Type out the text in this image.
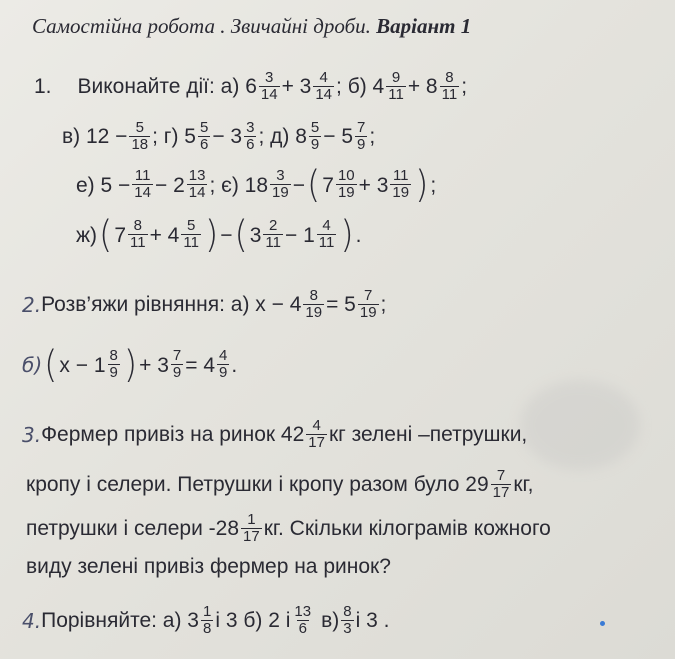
Самостійна робота . Звичайні дроби. Варіант 1
1. Виконайте дії: а) $6 \frac{3}{14} + 3 \frac{4}{14}$ ; б) $4 \frac{9}{11} + 8 \frac{8}{11}$ ;
в) $12 - \frac{5}{18}$ ; г) $5 \frac{5}{6} - 3 \frac{3}{6}$ ; д) $8 \frac{5}{9} - 5 \frac{7}{9}$ ;
е) $5 - \frac{11}{14} - 2 \frac{13}{14}$ ; є) $18 \frac{3}{19}$ − ( $7 \frac{10}{19} + 3 \frac{11}{19}$ ) ;
ж) ( $7 \frac{8}{11} + 4 \frac{5}{11}$ ) − ( $3 \frac{2}{11} - 1 \frac{4}{11}$ ) .
2. Розв’яжи рівняння: а) $х - 4 \frac{8}{19} = 5 \frac{7}{19}$ ;
б) ( $х - 1 \frac{8}{9}$ ) + $3 \frac{7}{9} = 4 \frac{4}{9}$ .
3. Фермер привіз на ринок $42 \frac{4}{17}$ кг зелені –петрушки,
кропу і селери. Петрушки і кропу разом було $29 \frac{7}{17}$ кг,
петрушки і селери $-28 \frac{1}{17}$ кг. Скільки кілограмів кожного
виду зелені привіз фермер на ринок?
4. Порівняйте: а) $3 \frac{1}{8}$ і 3 б) 2 і $\frac{13}{6} в) \frac{8}{3}$ і 3 .
